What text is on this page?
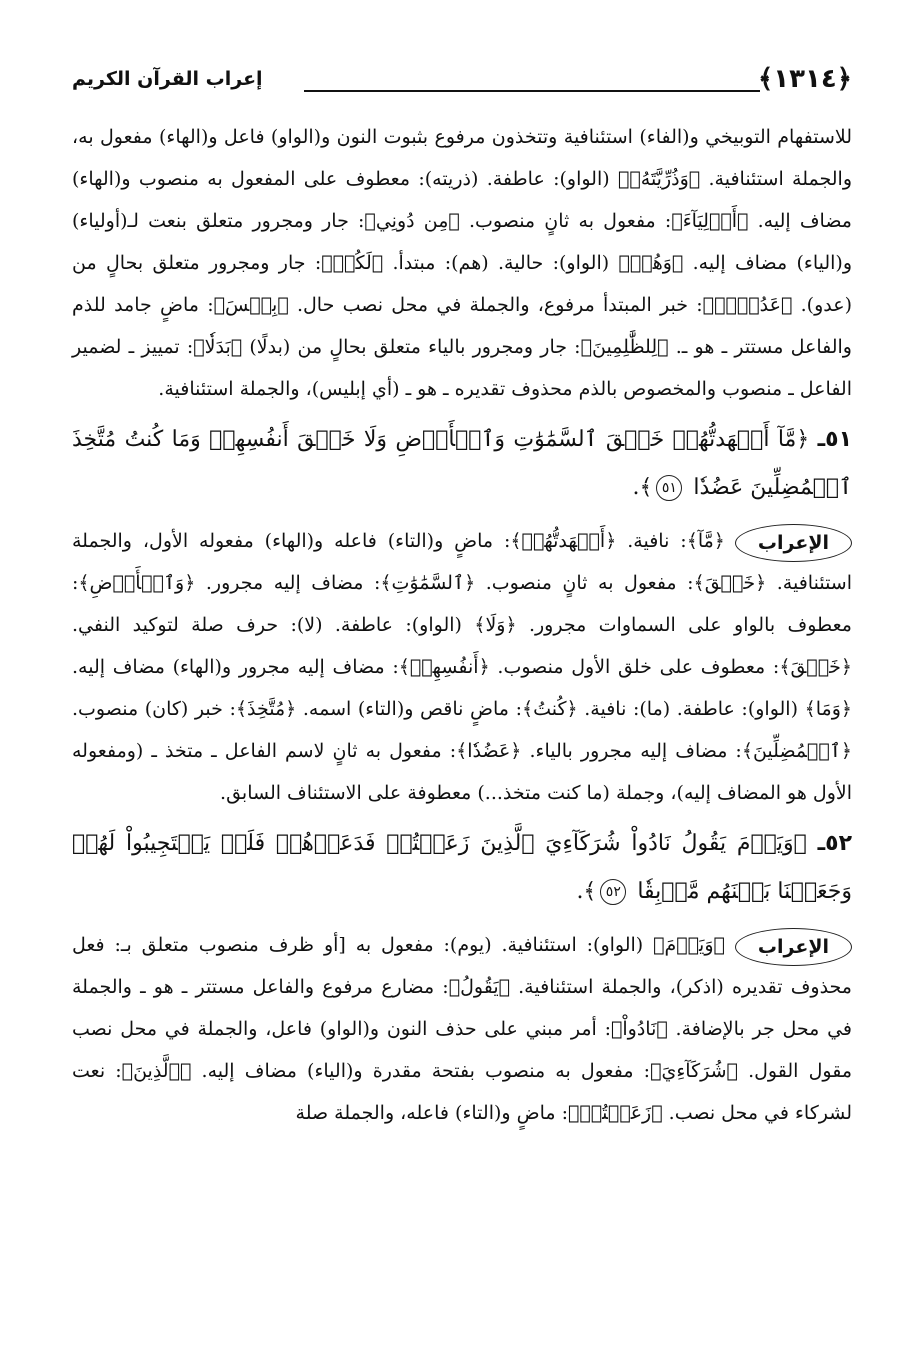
﴿١٣١٤﴾
إعراب القرآن الكريم

للاستفهام التوبيخي و(الفاء) استئنافية وتتخذون مرفوع بثبوت النون و(الواو) فاعل و(الهاء) مفعول به، والجملة استئنافية. ﴿وَذُرِّيَّتَهُۥ﴾ (الواو): عاطفة. (ذريته): معطوف على المفعول به منصوب و(الهاء) مضاف إليه. ﴿أَوۡلِيَآءَ﴾: مفعول به ثانٍ منصوب. ﴿مِن دُونِي﴾: جار ومجرور متعلق بنعت لـ(أولياء) و(الياء) مضاف إليه. ﴿وَهُمۡ﴾ (الواو): حالية. (هم): مبتدأ. ﴿لَكُمۡ﴾: جار ومجرور متعلق بحالٍ من (عدو). ﴿عَدُوُّۢ﴾: خبر المبتدأ مرفوع، والجملة في محل نصب حال. ﴿بِئۡسَ﴾: ماضٍ جامد للذم والفاعل مستتر ـ هو ـ. ﴿لِلظَّٰلِمِينَ﴾: جار ومجرور بالياء متعلق بحالٍ من (بدلًا) ﴿بَدَلٗا﴾: تمييز ـ لضمير الفاعل ـ منصوب والمخصوص بالذم محذوف تقديره ـ هو ـ (أي إبليس)، والجملة استئنافية.

٥١ـ ﴿مَّآ أَشۡهَدتُّهُمۡ خَلۡقَ ٱلسَّمَٰوَٰتِ وَٱلۡأَرۡضِ وَلَا خَلۡقَ أَنفُسِهِمۡ وَمَا كُنتُ مُتَّخِذَ ٱلۡمُضِلِّينَ عَضُدٗا ٥١﴾.
الإعراب

﴿مَّآ﴾: نافية. ﴿أَشۡهَدتُّهُمۡ﴾: ماضٍ و(التاء) فاعله و(الهاء) مفعوله الأول، والجملة استئنافية. ﴿خَلۡقَ﴾: مفعول به ثانٍ منصوب. ﴿ٱلسَّمَٰوَٰتِ﴾: مضاف إليه مجرور. ﴿وَٱلۡأَرۡضِ﴾: معطوف بالواو على السماوات مجرور. ﴿وَلَا﴾ (الواو): عاطفة. (لا): حرف صلة لتوكيد النفي. ﴿خَلۡقَ﴾: معطوف على خلق الأول منصوب. ﴿أَنفُسِهِمۡ﴾: مضاف إليه مجرور و(الهاء) مضاف إليه. ﴿وَمَا﴾ (الواو): عاطفة. (ما): نافية. ﴿كُنتُ﴾: ماضٍ ناقص و(التاء) اسمه. ﴿مُتَّخِذَ﴾: خبر (كان) منصوب. ﴿ٱلۡمُضِلِّينَ﴾: مضاف إليه مجرور بالياء. ﴿عَضُدٗا﴾: مفعول به ثانٍ لاسم الفاعل ـ متخذ ـ (ومفعوله الأول هو المضاف إليه)، وجملة (ما كنت متخذ...) معطوفة على الاستئناف السابق.

٥٢ـ ﴿وَيَوۡمَ يَقُولُ نَادُواْ شُرَكَآءِيَ ٱلَّذِينَ زَعَمۡتُمۡ فَدَعَوۡهُمۡ فَلَمۡ يَسۡتَجِيبُواْ لَهُمۡ وَجَعَلۡنَا بَيۡنَهُم مَّوۡبِقٗا ٥٢﴾.
الإعراب

﴿وَيَوۡمَ﴾ (الواو): استئنافية. (يوم): مفعول به [أو ظرف منصوب متعلق بـ: فعل محذوف تقديره (اذكر)، والجملة استئنافية. ﴿يَقُولُ﴾: مضارع مرفوع والفاعل مستتر ـ هو ـ والجملة في محل جر بالإضافة. ﴿نَادُواْ﴾: أمر مبني على حذف النون و(الواو) فاعل، والجملة في محل نصب مقول القول. ﴿شُرَكَآءِيَ﴾: مفعول به منصوب بفتحة مقدرة و(الياء) مضاف إليه. ﴿ٱلَّذِينَ﴾: نعت لشركاء في محل نصب. ﴿زَعَمۡتُمۡ﴾: ماضٍ و(التاء) فاعله، والجملة صلة
